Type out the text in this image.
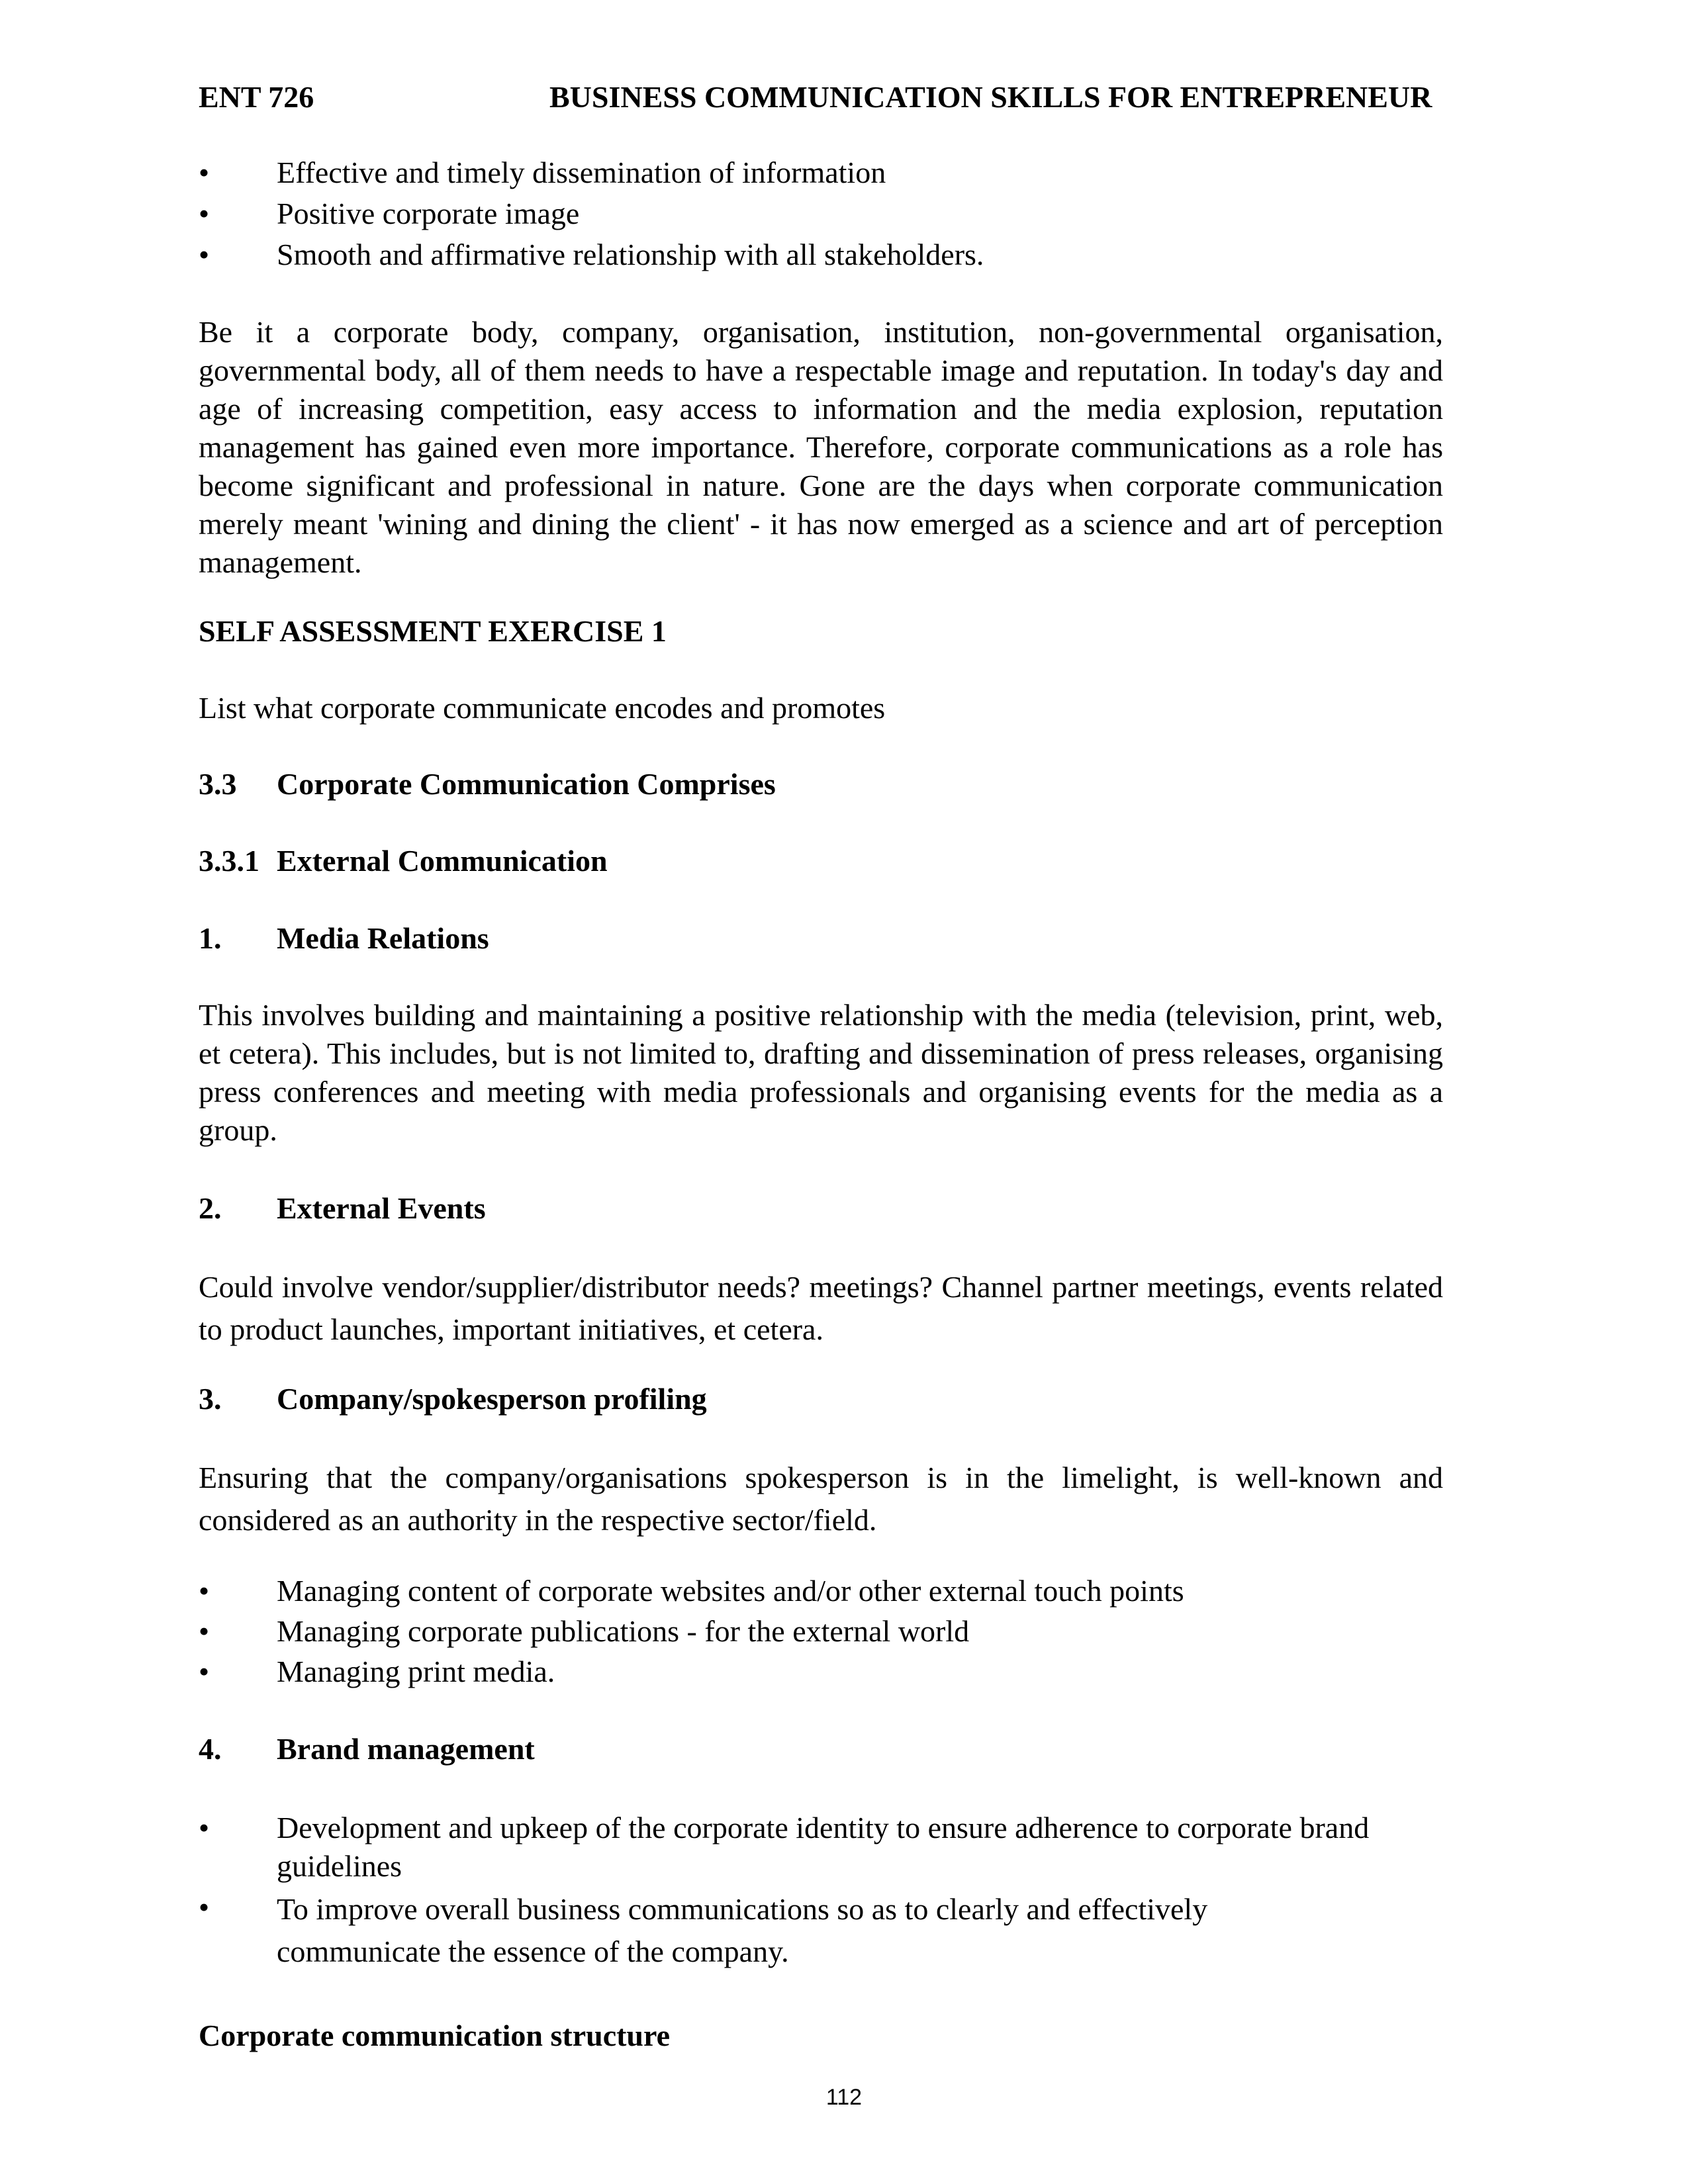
ENT 726	BUSINESS COMMUNICATION SKILLS FOR ENTREPRENEUR
• Effective and timely dissemination of information
• Positive corporate image
• Smooth and affirmative relationship with all stakeholders.
Be it a corporate body, company, organisation, institution, non-governmental organisation, governmental body, all of them needs to have a respectable image and reputation. In today's day and age of increasing competition, easy access to information and the media explosion, reputation management has gained even more importance. Therefore, corporate communications as a role has become significant and professional in nature. Gone are the days when corporate communication merely meant 'wining and dining the client' - it has now emerged as a science and art of perception management.
SELF ASSESSMENT EXERCISE 1
List what corporate communicate encodes and promotes
3.3 Corporate Communication Comprises
3.3.1 External Communication
1. Media Relations
This involves building and maintaining a positive relationship with the media (television, print, web, et cetera). This includes, but is not limited to, drafting and dissemination of press releases, organising press conferences and meeting with media professionals and organising events for the media as a group.
2. External Events
Could involve vendor/supplier/distributor needs? meetings? Channel partner meetings, events related to product launches, important initiatives, et cetera.
3. Company/spokesperson profiling
Ensuring that the company/organisations spokesperson is in the limelight, is well-known and considered as an authority in the respective sector/field.
• Managing content of corporate websites and/or other external touch points
• Managing corporate publications - for the external world
• Managing print media.
4. Brand management
• Development and upkeep of the corporate identity to ensure adherence to corporate brand guidelines
• To improve overall business communications so as to clearly and effectively communicate the essence of the company.
Corporate communication structure
112
